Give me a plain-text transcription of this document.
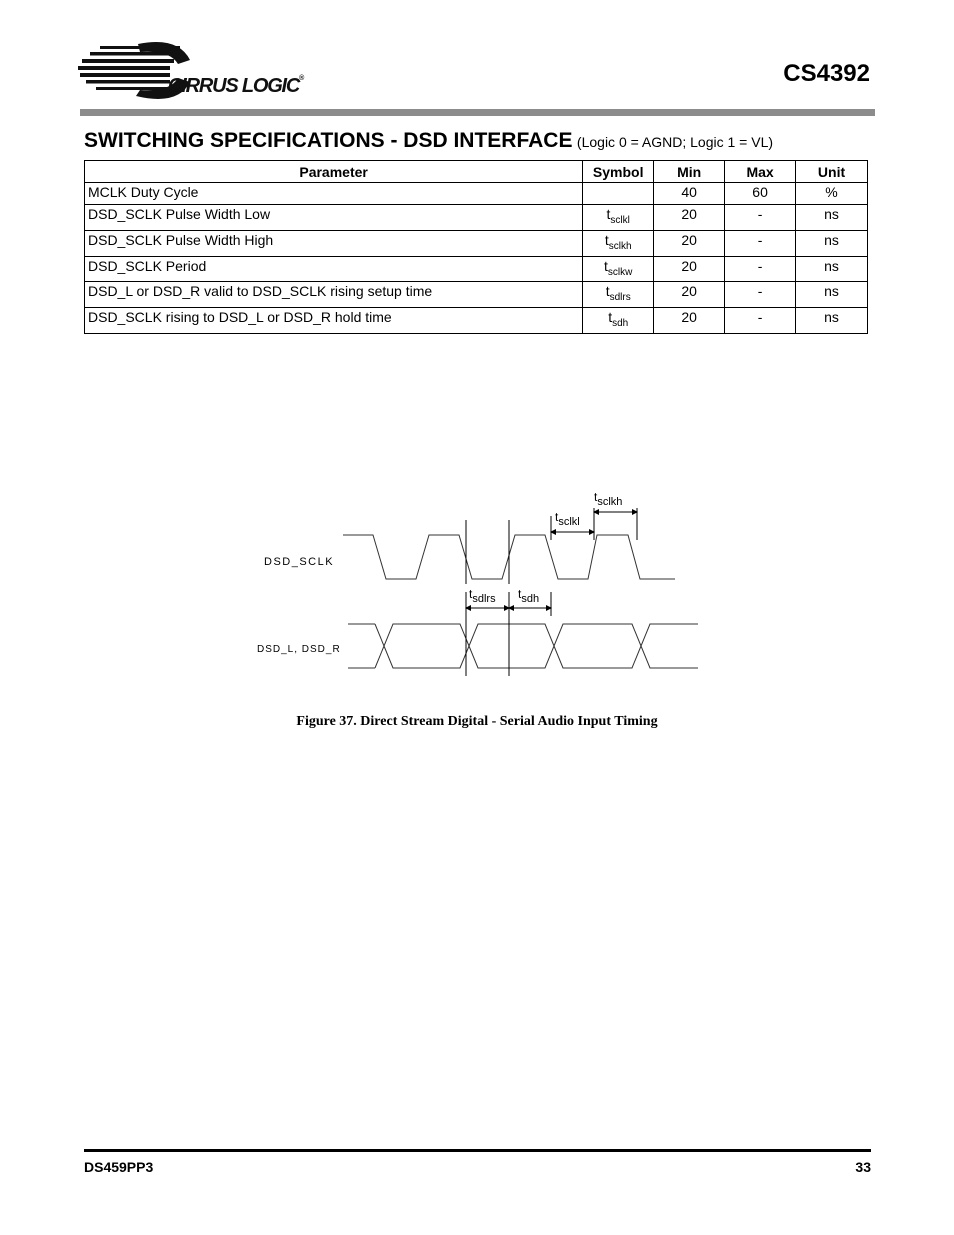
CIRRUS LOGIC®	CS4392
SWITCHING SPECIFICATIONS - DSD INTERFACE (Logic 0 = AGND; Logic 1 = VL)
Parameter	Symbol	Min	Max	Unit
MCLK Duty Cycle		40	60	%
DSD_SCLK Pulse Width Low	$t_{sclkl}$	20	-	ns
DSD_SCLK Pulse Width High	$t_{sclkh}$	20	-	ns
DSD_SCLK Period	$t_{sclkw}$	20	-	ns
DSD_L or DSD_R valid to DSD_SCLK rising setup time	$t_{sdlrs}$	20	-	ns
DSD_SCLK rising to DSD_L or DSD_R hold time	$t_{sdh}$	20	-	ns
DSD_SCLK
DSD_L, DSD_R
tsclkh
tsclkl
tsdlrs tsdh
Figure 37. Direct Stream Digital - Serial Audio Input Timing
DS459PP3	33
